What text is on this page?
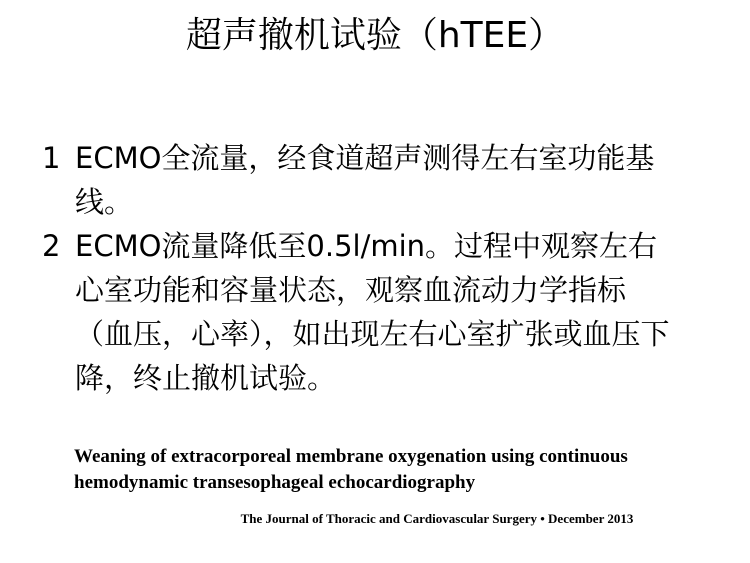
超声撤机试验（hTEE）
1 ECMO全流量，经食道超声测得左右室功能基线。
2 ECMO流量降低至0.5l/min。过程中观察左右心室功能和容量状态，观察血流动力学指标（血压，心率），如出现左右心室扩张或血压下降，终止撤机试验。
Weaning of extracorporeal membrane oxygenation using continuous hemodynamic transesophageal echocardiography
The Journal of Thoracic and Cardiovascular Surgery • December 2013
